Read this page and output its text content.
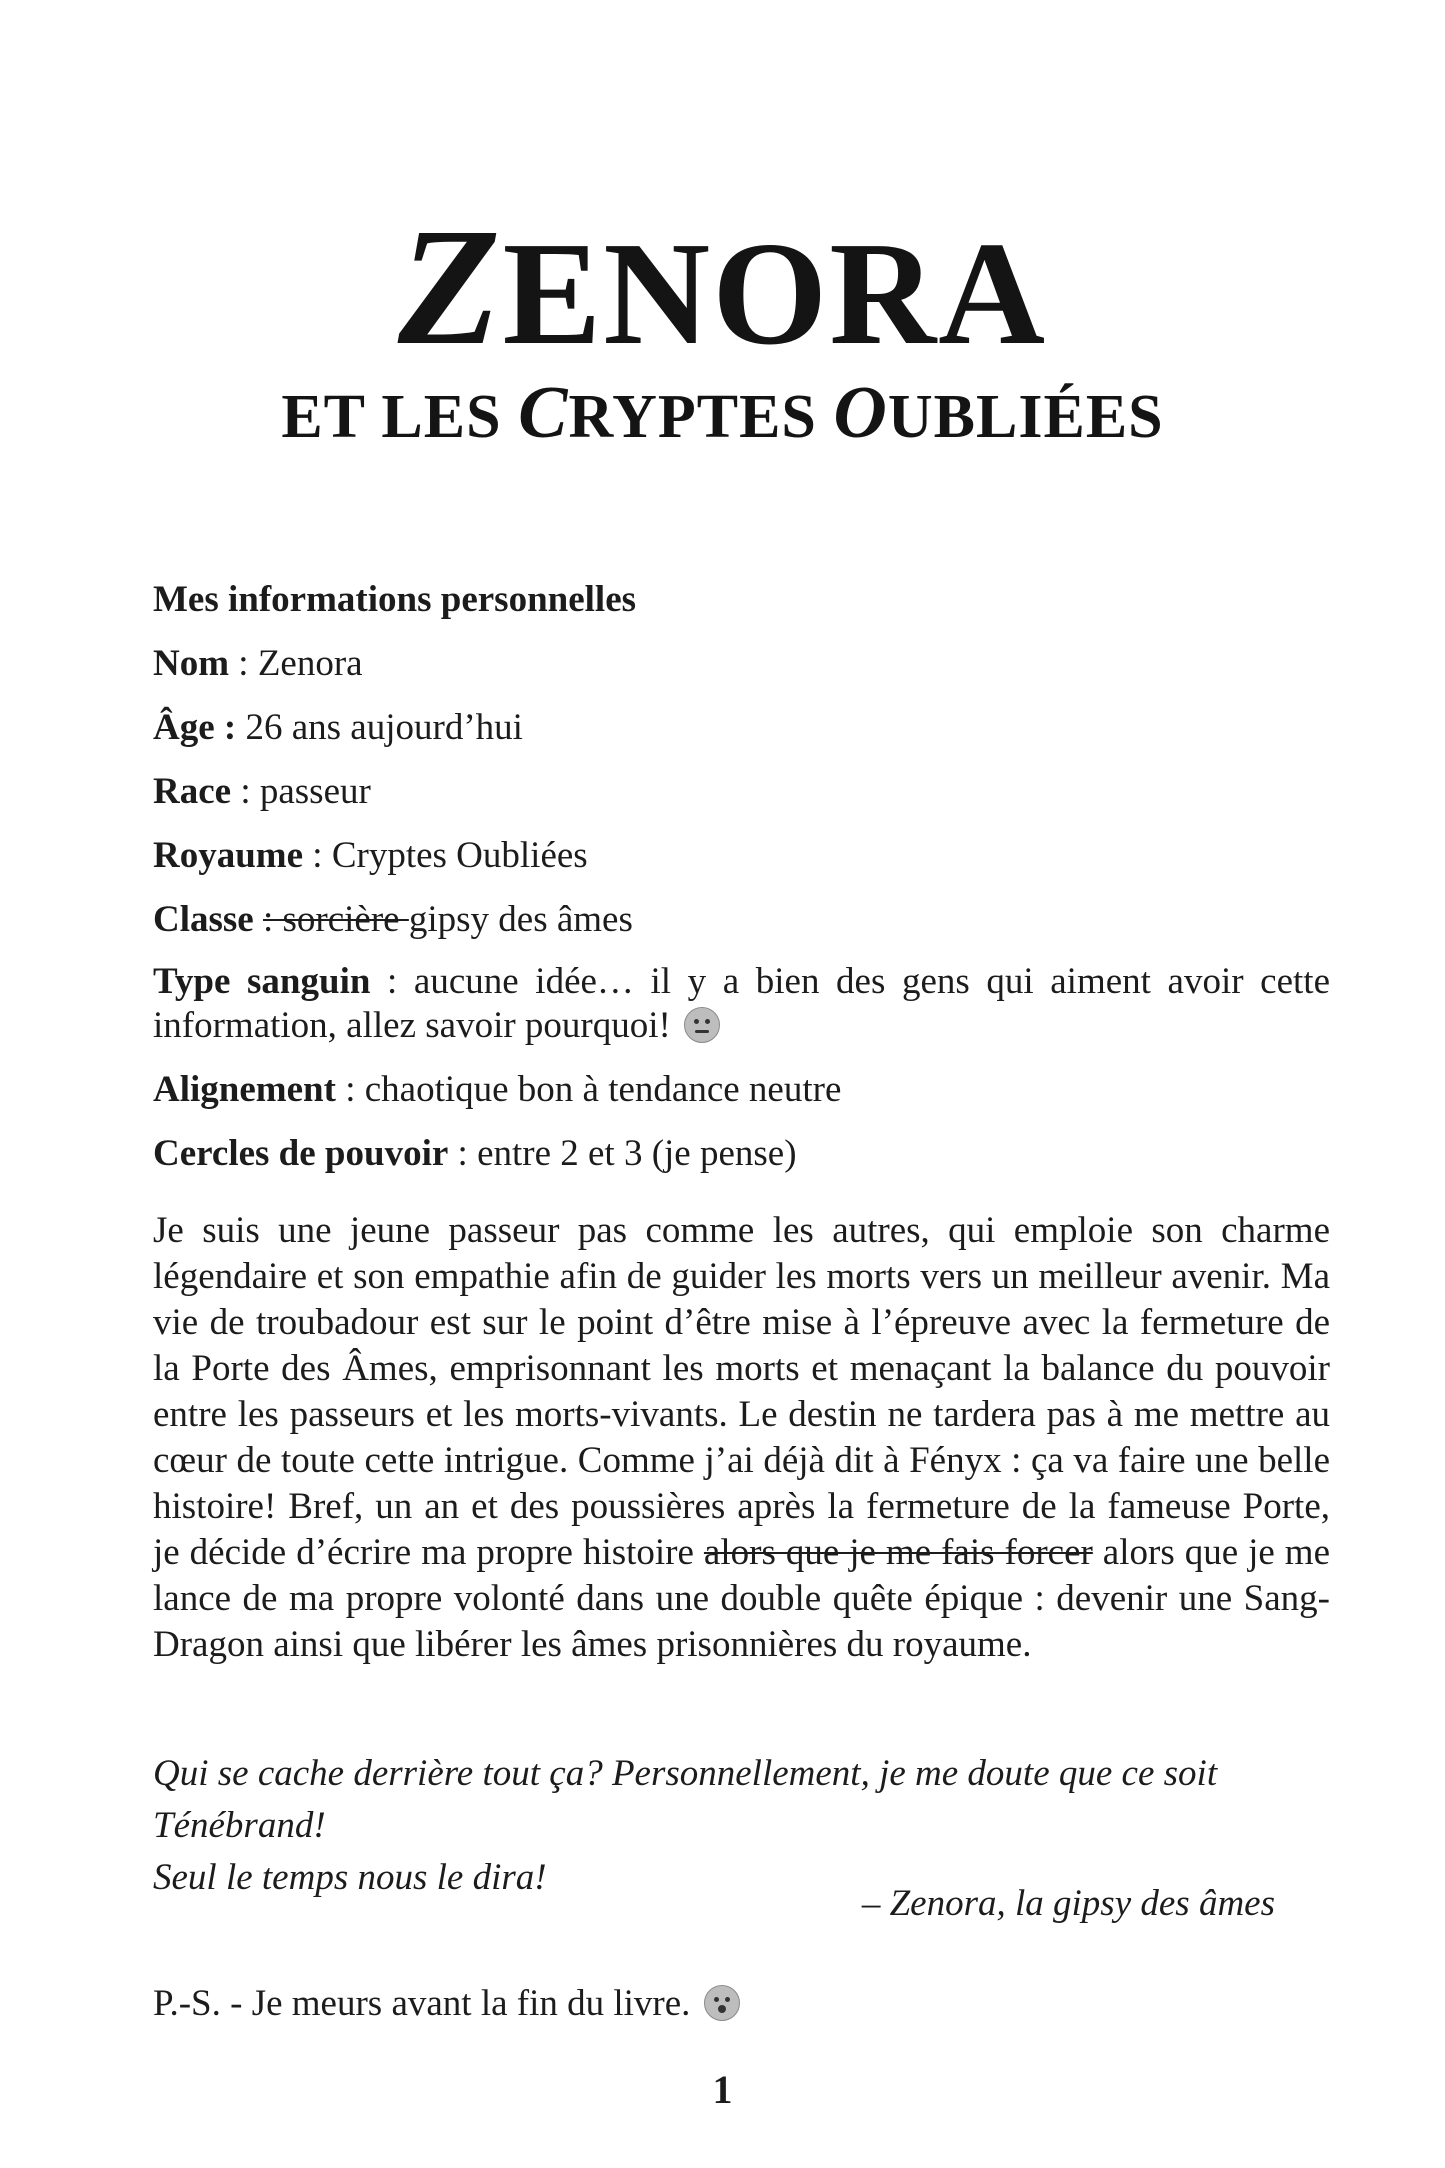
ZENORA
ET LES CRYPTES OUBLIÉES
Mes informations personnelles
Nom : Zenora
Âge : 26 ans aujourd’hui
Race : passeur
Royaume : Cryptes Oubliées
Classe : sorcière gipsy des âmes
Type sanguin : aucune idée… il y a bien des gens qui aiment avoir cette information, allez savoir pourquoi!
Alignement : chaotique bon à tendance neutre
Cercles de pouvoir : entre 2 et 3 (je pense)
Je suis une jeune passeur pas comme les autres, qui emploie son charme légendaire et son empathie afin de guider les morts vers un meilleur avenir. Ma vie de troubadour est sur le point d’être mise à l’épreuve avec la fermeture de la Porte des Âmes, emprisonnant les morts et menaçant la balance du pouvoir entre les passeurs et les morts-vivants. Le destin ne tardera pas à me mettre au cœur de toute cette intrigue. Comme j’ai déjà dit à Fényx : ça va faire une belle histoire! Bref, un an et des poussières après la fermeture de la fameuse Porte, je décide d’écrire ma propre histoire alors que je me fais forcer alors que je me lance de ma propre volonté dans une double quête épique : devenir une Sang-Dragon ainsi que libérer les âmes prisonnières du royaume.
Qui se cache derrière tout ça? Personnellement, je me doute que ce soit Ténébrand!
Seul le temps nous le dira!
– Zenora, la gipsy des âmes
P.-S. - Je meurs avant la fin du livre.
1
